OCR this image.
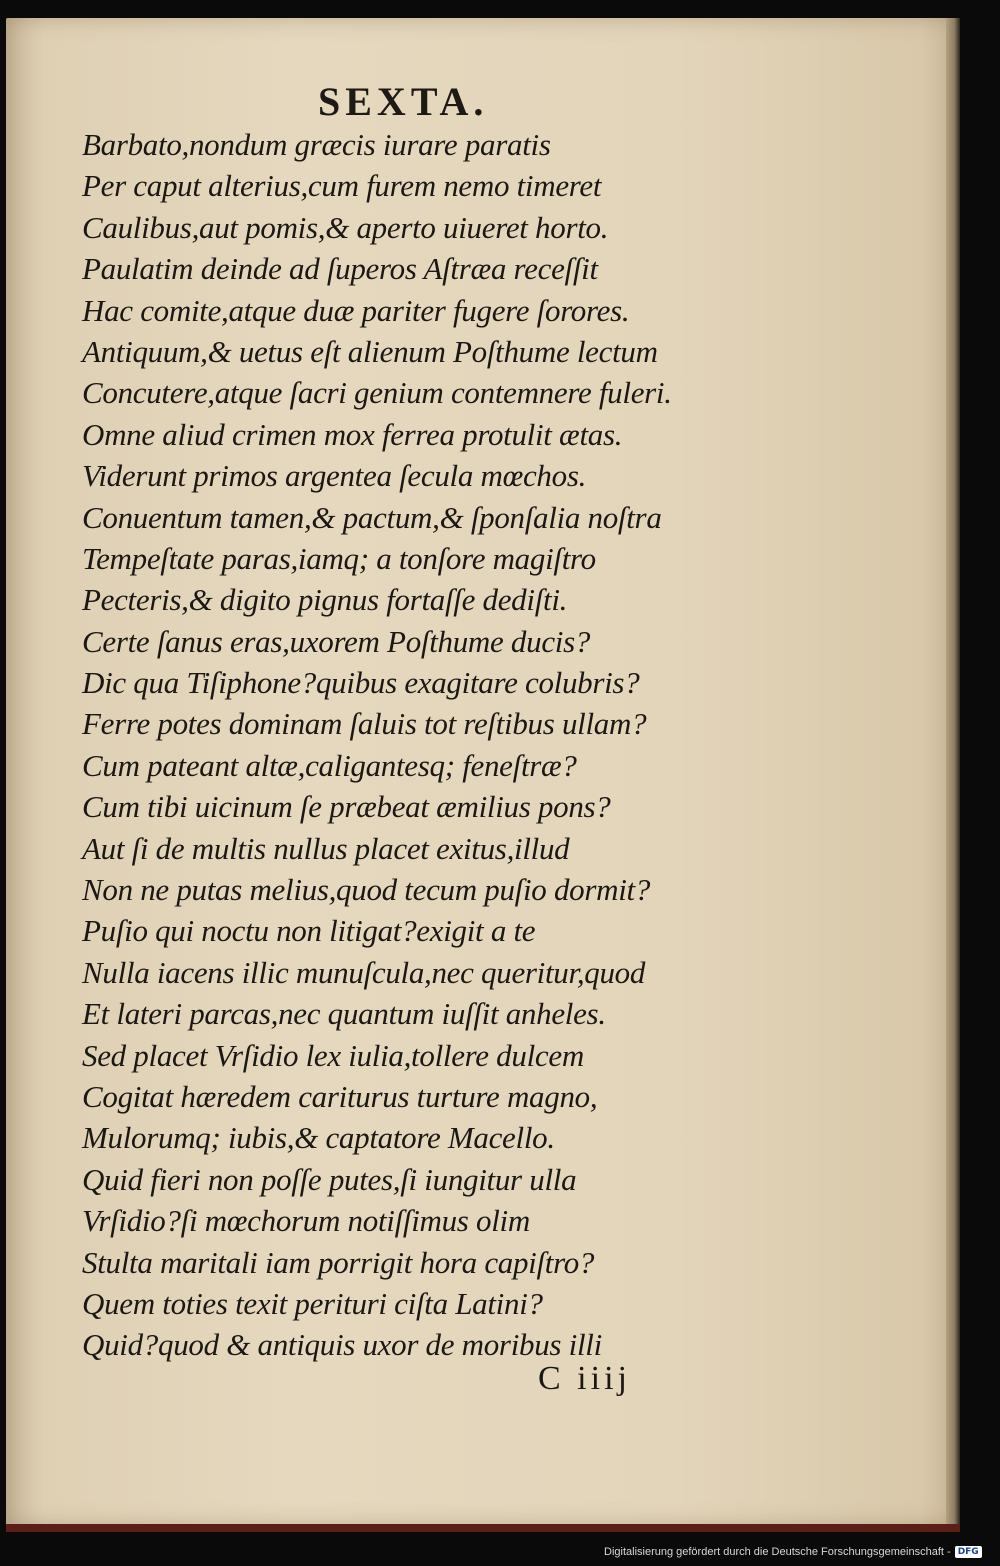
SEXTA.
Barbato,nondum græcis iurare paratis
Per caput alterius,cum furem nemo timeret
Caulibus,aut pomis,& aperto uiueret horto.
Paulatim deinde ad ſuperos Aſtræa receſſit
Hac comite,atque duæ pariter fugere ſorores.
Antiquum,& uetus eſt alienum Poſthume lectum
Concutere,atque ſacri genium contemnere fuleri.
Omne aliud crimen mox ferrea protulit ætas.
Viderunt primos argentea ſecula mœchos.
Conuentum tamen,& pactum,& ſponſalia noſtra
Tempeſtate paras,iamq; a tonſore magiſtro
Pecteris,& digito pignus fortaſſe dediſti.
Certe ſanus eras,uxorem Poſthume ducis?
Dic qua Tiſiphone?quibus exagitare colubris?
Ferre potes dominam ſaluis tot reſtibus ullam?
Cum pateant altæ,caligantesq; feneſtræ?
Cum tibi uicinum ſe præbeat æmilius pons?
Aut ſi de multis nullus placet exitus,illud
Non ne putas melius,quod tecum puſio dormit?
Puſio qui noctu non litigat?exigit a te
Nulla iacens illic munuſcula,nec queritur,quod
Et lateri parcas,nec quantum iuſſit anheles.
Sed placet Vrſidio lex iulia,tollere dulcem
Cogitat hæredem cariturus turture magno,
Mulorumq; iubis,& captatore Macello.
Quid fieri non poſſe putes,ſi iungitur ulla
Vrſidio?ſi mœchorum notiſſimus olim
Stulta maritali iam porrigit hora capiſtro?
Quem toties texit perituri ciſta Latini?
Quid?quod & antiquis uxor de moribus illi
C iiij
Digitalisierung gefördert durch die Deutsche Forschungsgemeinschaft - DFG
